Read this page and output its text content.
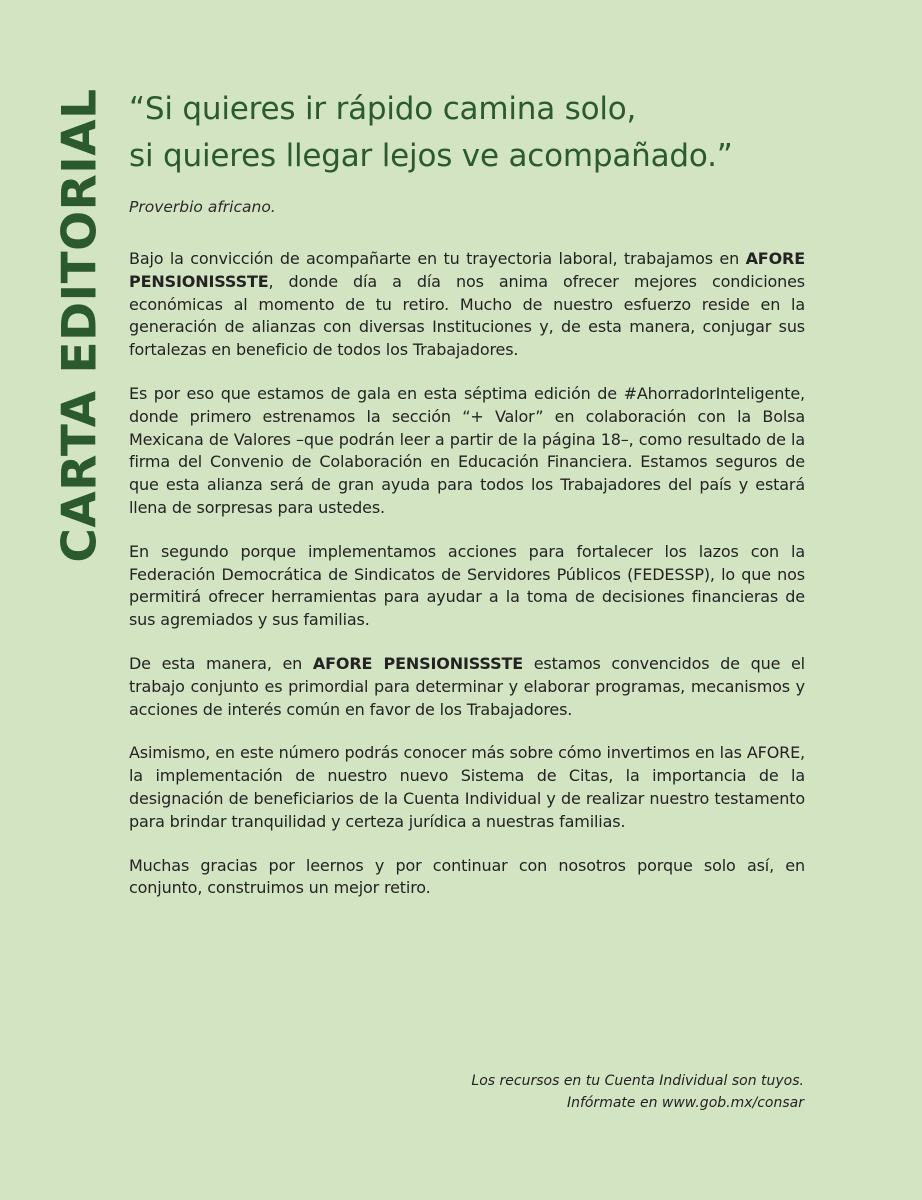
CARTA EDITORIAL “Si quieres ir rápido camina solo,
si quieres llegar lejos ve acompañado.”

Proverbio africano.

Bajo la convicción de acompañarte en tu trayectoria laboral, trabajamos en AFORE PENSIONISSSTE, donde día a día nos anima ofrecer mejores condiciones económicas al momento de tu retiro. Mucho de nuestro esfuerzo reside en la generación de alianzas con diversas Instituciones y, de esta manera, conjugar sus fortalezas en beneficio de todos los Trabajadores.

Es por eso que estamos de gala en esta séptima edición de #AhorradorInteligente, donde primero estrenamos la sección “+ Valor” en colaboración con la Bolsa Mexicana de Valores –que podrán leer a partir de la página 18–, como resultado de la firma del Convenio de Colaboración en Educación Financiera. Estamos seguros de que esta alianza será de gran ayuda para todos los Trabajadores del país y estará llena de sorpresas para ustedes.

En segundo porque implementamos acciones para fortalecer los lazos con la Federación Democrática de Sindicatos de Servidores Públicos (FEDESSP), lo que nos permitirá ofrecer herramientas para ayudar a la toma de decisiones financieras de sus agremiados y sus familias.

De esta manera, en AFORE PENSIONISSSTE estamos convencidos de que el trabajo conjunto es primordial para determinar y elaborar programas, mecanismos y acciones de interés común en favor de los Trabajadores.

Asimismo, en este número podrás conocer más sobre cómo invertimos en las AFORE, la implementación de nuestro nuevo Sistema de Citas, la importancia de la designación de beneficiarios de la Cuenta Individual y de realizar nuestro testamento para brindar tranquilidad y certeza jurídica a nuestras familias.

Muchas gracias por leernos y por continuar con nosotros porque solo así, en conjunto, construimos un mejor retiro.

Los recursos en tu Cuenta Individual son tuyos.
Infórmate en www.gob.mx/consar
